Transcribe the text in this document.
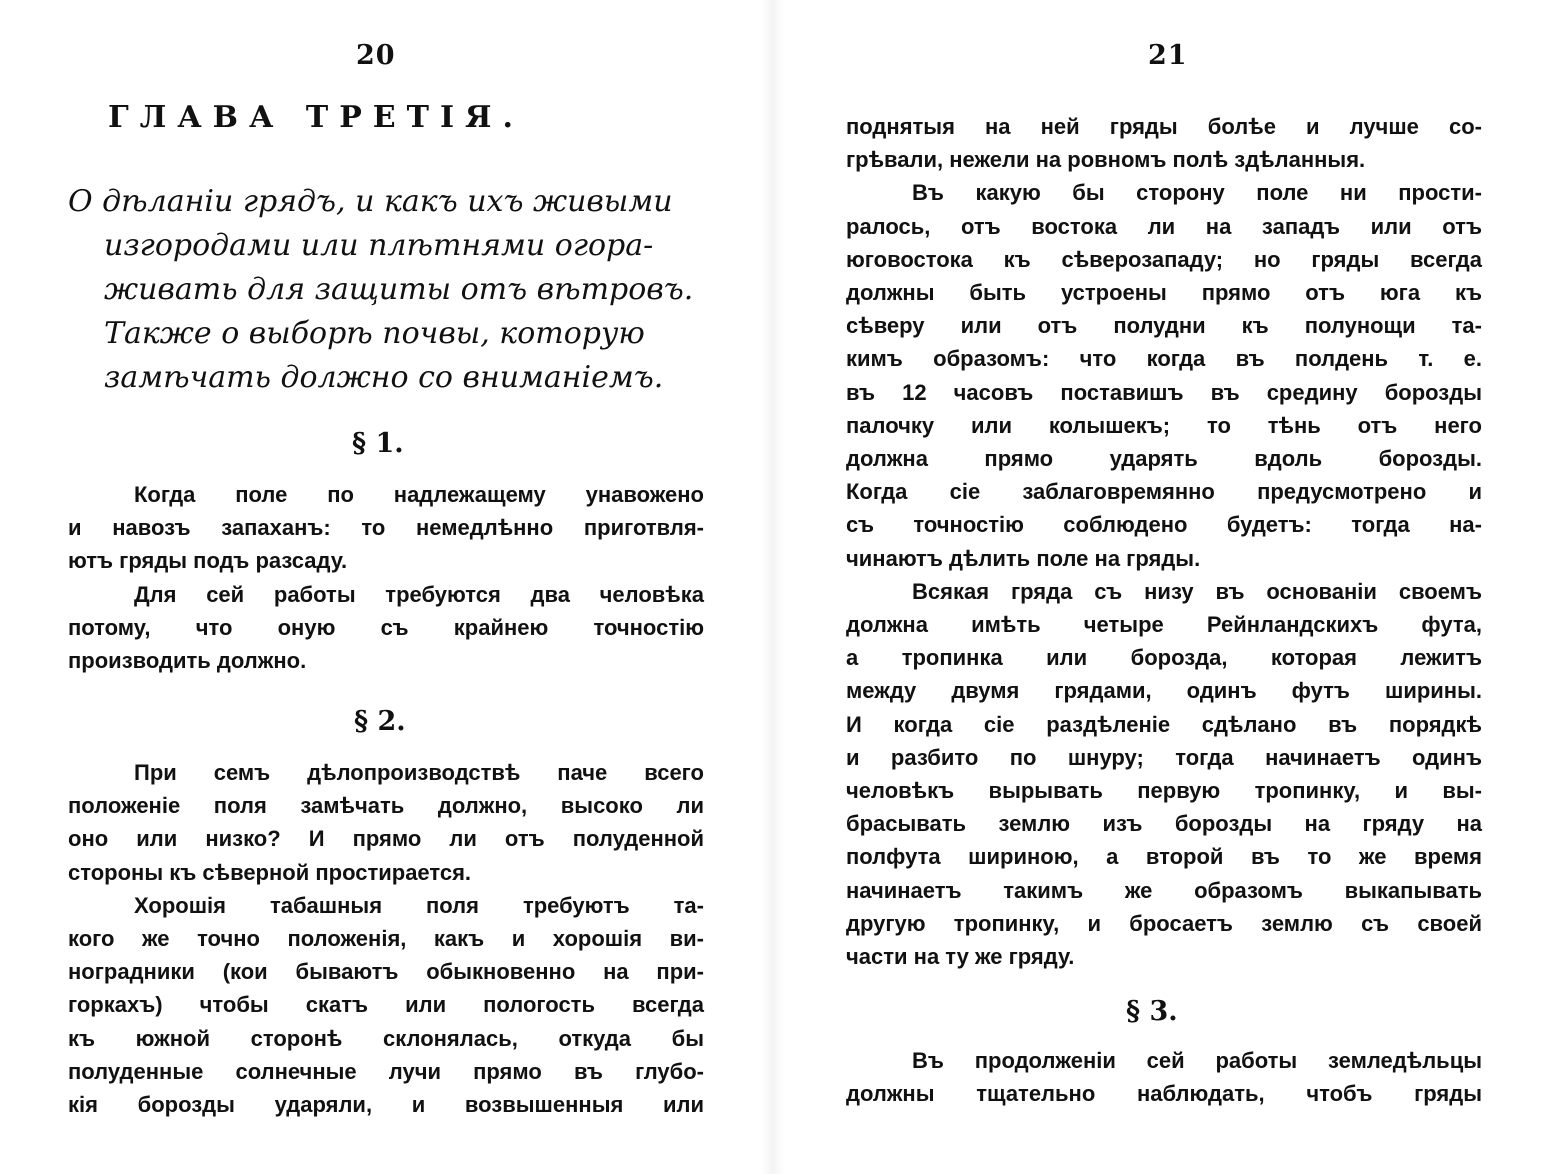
20
ГЛАВА ТРЕТІЯ.
О дѣланіи грядъ, и какъ ихъ живыми
изгородами или плѣтнями огора-
живать для защиты отъ вѣтровъ.
Также о выборѣ почвы, которую
замѣчать должно со вниманіемъ.
§ 1.
Когда поле по надлежащему унавожено
и навозъ запаханъ: то немедлѣнно приготвля-
ютъ гряды подъ разсаду.
Для сей работы требуются два человѣка
потому, что оную съ крайнею точностію
производить должно.
§ 2.
При семъ дѣлопроизводствѣ паче всего
положеніе поля замѣчать должно, высоко ли
оно или низко? И прямо ли отъ полуденной
стороны къ сѣверной простирается.
Хорошія табашныя поля требуютъ та-
кого же точно положенія, какъ и хорошія ви-
ноградники (кои бываютъ обыкновенно на при-
горкахъ) чтобы скатъ или пологость всегда
къ южной сторонѣ склонялась, откуда бы
полуденные солнечные лучи прямо въ глубо-
кія борозды ударяли, и возвышенныя или
21
поднятыя на ней гряды болѣе и лучше со-
грѣвали, нежели на ровномъ полѣ здѣланныя.
Въ какую бы сторону поле ни прости-
ралось, отъ востока ли на западъ или отъ
юговостока къ сѣверозападу; но гряды всегда
должны быть устроены прямо отъ юга къ
сѣверу или отъ полудни къ полунощи та-
кимъ образомъ: что когда въ полдень т. е.
въ 12 часовъ поставишъ въ средину борозды
палочку или колышекъ; то тѣнь отъ него
должна прямо ударять вдоль борозды.
Когда сіе заблаговремянно предусмотрено и
съ точностію соблюдено будетъ: тогда на-
чинаютъ дѣлить поле на гряды.
Всякая гряда съ низу въ основаніи своемъ
должна имѣть четыре Рейнландскихъ фута,
а тропинка или борозда, которая лежитъ
между двумя грядами, одинъ футъ ширины.
И когда сіе раздѣленіе сдѣлано въ порядкѣ
и разбито по шнуру; тогда начинаетъ одинъ
человѣкъ вырывать первую тропинку, и вы-
брасывать землю изъ борозды на гряду на
полфута шириною, а второй въ то же время
начинаетъ такимъ же образомъ выкапывать
другую тропинку, и бросаетъ землю съ своей
части на ту же гряду.
§ 3.
Въ продолженіи сей работы земледѣльцы
должны тщательно наблюдать, чтобъ гряды
